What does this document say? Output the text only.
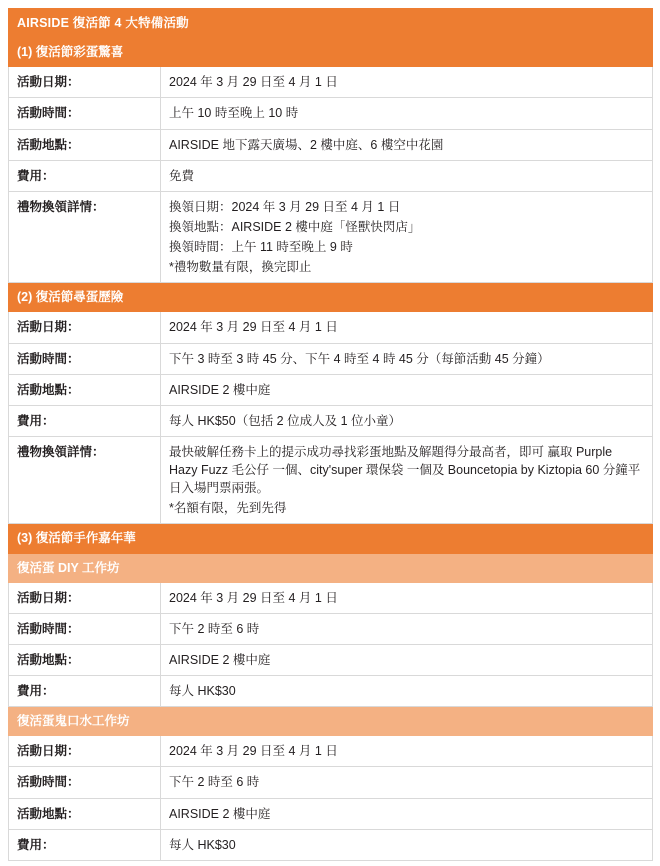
AIRSIDE 復活節 4 大特備活動	
(1) 復活節彩蛋驚喜	
活動日期：	2024 年 3 月 29 日至 4 月 1 日
活動時間：	上午 10 時至晚上 10 時
活動地點：	AIRSIDE 地下露天廣場、2 樓中庭、6 樓空中花園
費用：	免費
禮物換領詳情：	換領日期：2024 年 3 月 29 日至 4 月 1 日

換領地點：AIRSIDE 2 樓中庭「怪獸快閃店」

換領時間：上午 11 時至晚上 9 時

*禮物數量有限，換完即止

(2) 復活節尋蛋歷險	
活動日期：	2024 年 3 月 29 日至 4 月 1 日
活動時間：	下午 3 時至 3 時 45 分、下午 4 時至 4 時 45 分（每節活動 45 分鐘）
活動地點：	AIRSIDE 2 樓中庭
費用：	每人 HK$50（包括 2 位成人及 1 位小童）
禮物換領詳情：	最快破解任務卡上的提示成功尋找彩蛋地點及解題得分最高者，即可 贏取 Purple Hazy Fuzz 毛公仔 一個、city'super 環保袋 一個及 Bouncetopia by Kiztopia 60 分鐘平日入場門票兩張。

*名額有限，先到先得

(3) 復活節手作嘉年華	
復活蛋 DIY 工作坊	
活動日期：	2024 年 3 月 29 日至 4 月 1 日
活動時間：	下午 2 時至 6 時
活動地點：	AIRSIDE 2 樓中庭
費用：	每人 HK$30
復活蛋鬼口水工作坊	
活動日期：	2024 年 3 月 29 日至 4 月 1 日
活動時間：	下午 2 時至 6 時
活動地點：	AIRSIDE 2 樓中庭
費用：	每人 HK$30
